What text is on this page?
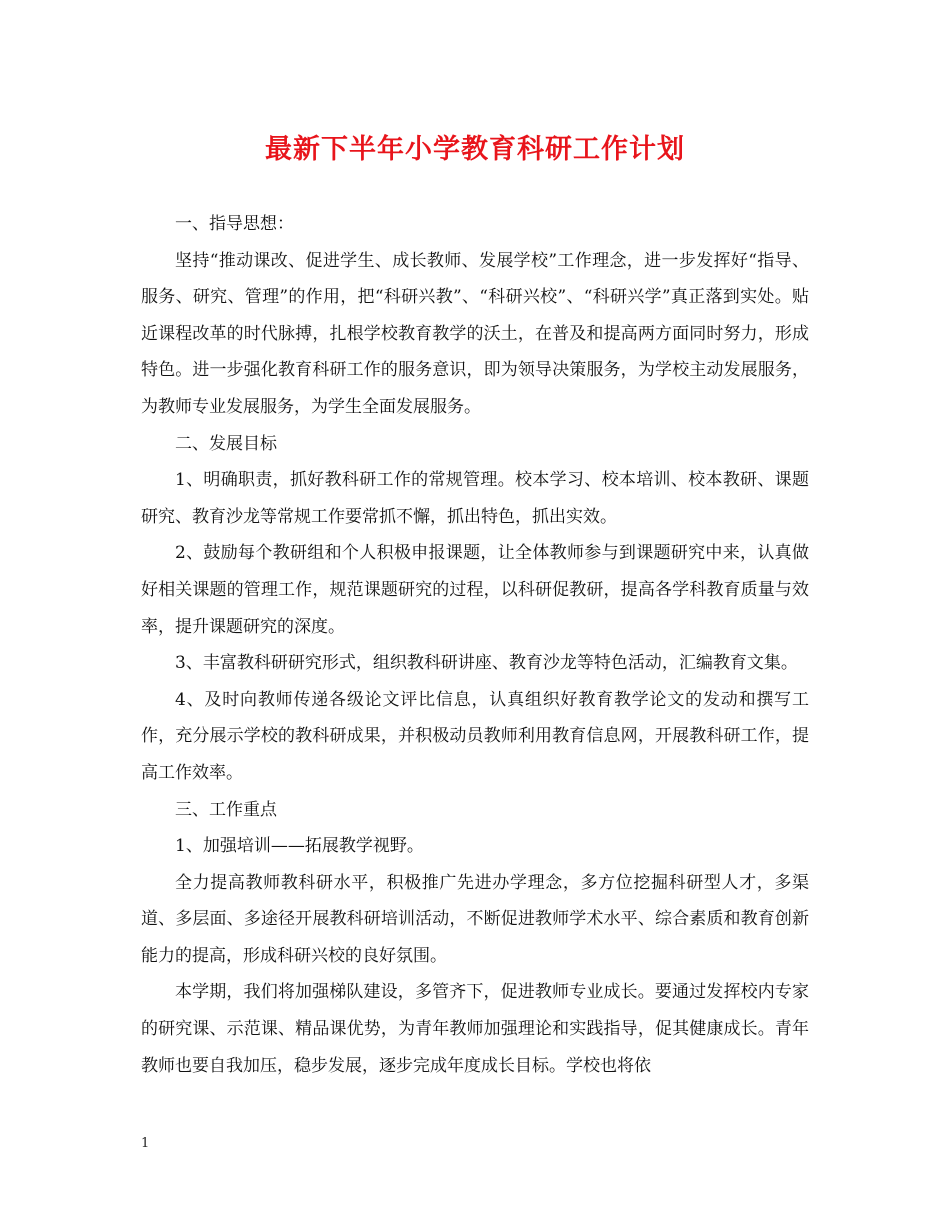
最新下半年小学教育科研工作计划

一、指导思想：

坚持“推动课改、促进学生、成长教师、发展学校”工作理念，进一步发挥好“指导、服务、研究、管理”的作用，把“科研兴教”、“科研兴校”、“科研兴学”真正落到实处。贴近课程改革的时代脉搏，扎根学校教育教学的沃土，在普及和提高两方面同时努力，形成特色。进一步强化教育科研工作的服务意识，即为领导决策服务，为学校主动发展服务，为教师专业发展服务，为学生全面发展服务。

二、发展目标

1、明确职责，抓好教科研工作的常规管理。校本学习、校本培训、校本教研、课题研究、教育沙龙等常规工作要常抓不懈，抓出特色，抓出实效。

2、鼓励每个教研组和个人积极申报课题，让全体教师参与到课题研究中来，认真做好相关课题的管理工作，规范课题研究的过程，以科研促教研，提高各学科教育质量与效率，提升课题研究的深度。

3、丰富教科研研究形式，组织教科研讲座、教育沙龙等特色活动，汇编教育文集。

4、及时向教师传递各级论文评比信息，认真组织好教育教学论文的发动和撰写工作，充分展示学校的教科研成果，并积极动员教师利用教育信息网，开展教科研工作，提高工作效率。

三、工作重点

1、加强培训——拓展教学视野。

全力提高教师教科研水平，积极推广先进办学理念，多方位挖掘科研型人才，多渠道、多层面、多途径开展教科研培训活动，不断促进教师学术水平、综合素质和教育创新能力的提高，形成科研兴校的良好氛围。

本学期，我们将加强梯队建设，多管齐下，促进教师专业成长。要通过发挥校内专家的研究课、示范课、精品课优势，为青年教师加强理论和实践指导，促其健康成长。青年教师也要自我加压，稳步发展，逐步完成年度成长目标。学校也将依

1
